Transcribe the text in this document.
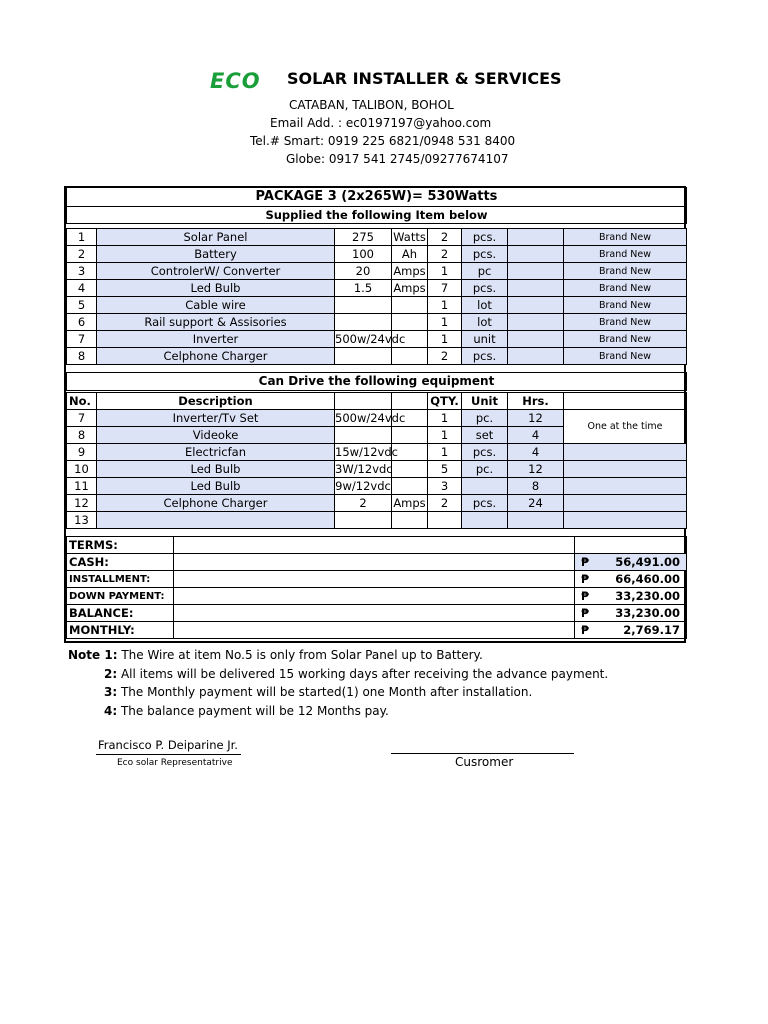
ECO SOLAR INSTALLER & SERVICES
CATABAN, TALIBON, BOHOL
Email Add. : ec0197197@yahoo.com
Tel.# Smart: 0919 225 6821/0948 531 8400
Globe: 0917 541 2745/09277674107
PACKAGE 3 (2x265W)= 530Watts
Supplied the following Item below
1	Solar Panel	275	Watts	2	pcs.		Brand New
2	Battery	100	Ah	2	pcs.		Brand New
3	ControlerW/ Converter	20	Amps	1	pc		Brand New
4	Led Bulb	1.5	Amps	7	pcs.		Brand New
5	Cable wire			1	lot		Brand New
6	Rail support & Assisories			1	lot		Brand New
7	Inverter	500w/24vdc		1	unit		Brand New
8	Celphone Charger			2	pcs.		Brand New
Can Drive the following equipment
No.	Description			QTY.	Unit	Hrs.	
7	Inverter/Tv Set	500w/24vdc		1	pc.	12	One at the time
8	Videoke			1	set	4	
9	Electricfan	15w/12vdc		1	pcs.	4	
10	Led Bulb	3W/12vdc		5	pc.	12	
11	Led Bulb	9w/12vdc		3		8	
12	Celphone Charger	2	Amps	2	pcs.	24	
13							
TERMS:		
CASH:		₱ 56,491.00
INSTALLMENT:		₱ 66,460.00
DOWN PAYMENT:		₱ 33,230.00
BALANCE:		₱ 33,230.00
MONTHLY:		₱ 2,769.17
Note 1: The Wire at item No.5 is only from Solar Panel up to Battery.
2: All items will be delivered 15 working days after receiving the advance payment.
3: The Monthly payment will be started(1) one Month after installation.
4: The balance payment will be 12 Months pay.
Francisco P. Deiparine Jr.
Eco solar Representatrive	Cusromer
